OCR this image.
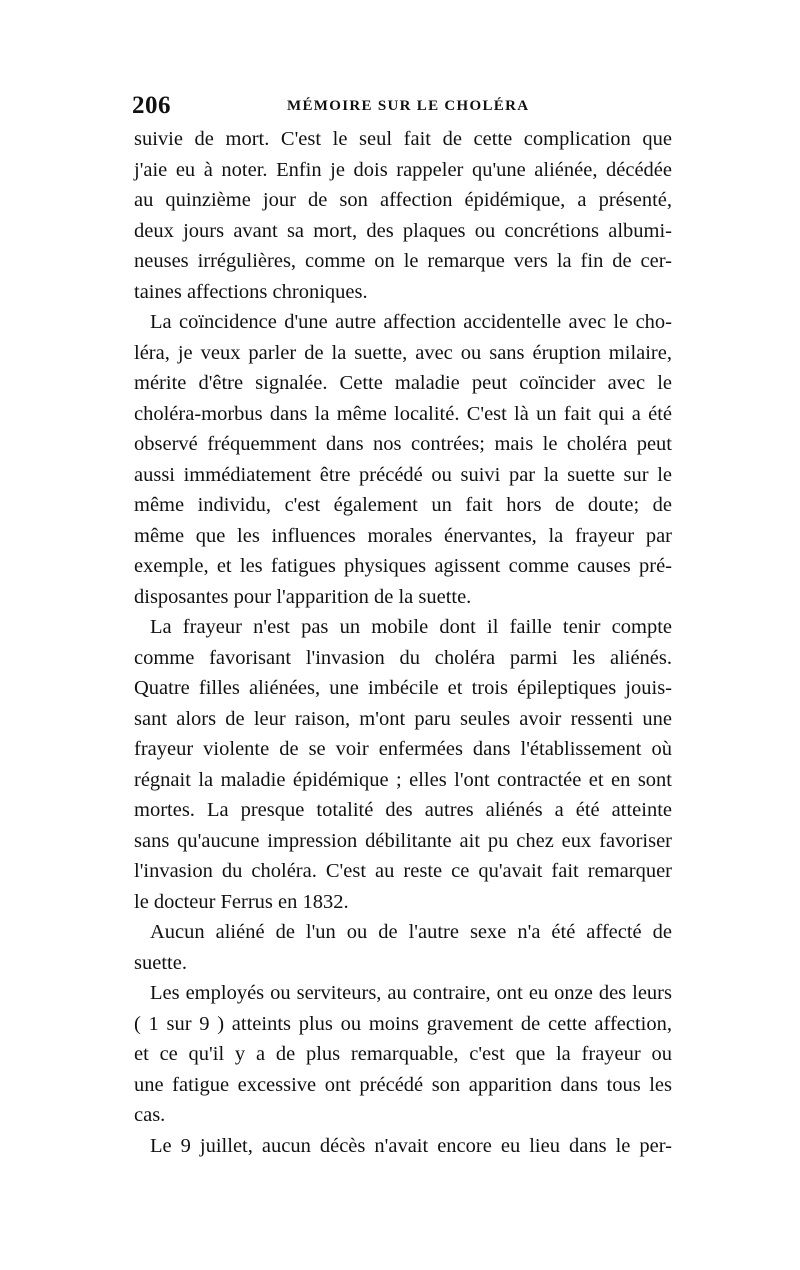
206	MÉMOIRE SUR LE CHOLÉRA
suivie de mort. C'est le seul fait de cette complication que
j'aie eu à noter. Enfin je dois rappeler qu'une aliénée, décédée
au quinzième jour de son affection épidémique, a présenté,
deux jours avant sa mort, des plaques ou concrétions albumi-
neuses irrégulières, comme on le remarque vers la fin de cer-
taines affections chroniques.
La coïncidence d'une autre affection accidentelle avec le cho-
léra, je veux parler de la suette, avec ou sans éruption milaire,
mérite d'être signalée. Cette maladie peut coïncider avec le
choléra-morbus dans la même localité. C'est là un fait qui a été
observé fréquemment dans nos contrées; mais le choléra peut
aussi immédiatement être précédé ou suivi par la suette sur le
même individu, c'est également un fait hors de doute; de
même que les influences morales énervantes, la frayeur par
exemple, et les fatigues physiques agissent comme causes pré-
disposantes pour l'apparition de la suette.
La frayeur n'est pas un mobile dont il faille tenir compte
comme favorisant l'invasion du choléra parmi les aliénés.
Quatre filles aliénées, une imbécile et trois épileptiques jouis-
sant alors de leur raison, m'ont paru seules avoir ressenti une
frayeur violente de se voir enfermées dans l'établissement où
régnait la maladie épidémique ; elles l'ont contractée et en sont
mortes. La presque totalité des autres aliénés a été atteinte
sans qu'aucune impression débilitante ait pu chez eux favoriser
l'invasion du choléra. C'est au reste ce qu'avait fait remarquer
le docteur Ferrus en 1832.
Aucun aliéné de l'un ou de l'autre sexe n'a été affecté de
suette.
Les employés ou serviteurs, au contraire, ont eu onze des leurs
( 1 sur 9 ) atteints plus ou moins gravement de cette affection,
et ce qu'il y a de plus remarquable, c'est que la frayeur ou
une fatigue excessive ont précédé son apparition dans tous les
cas.
Le 9 juillet, aucun décès n'avait encore eu lieu dans le per-
